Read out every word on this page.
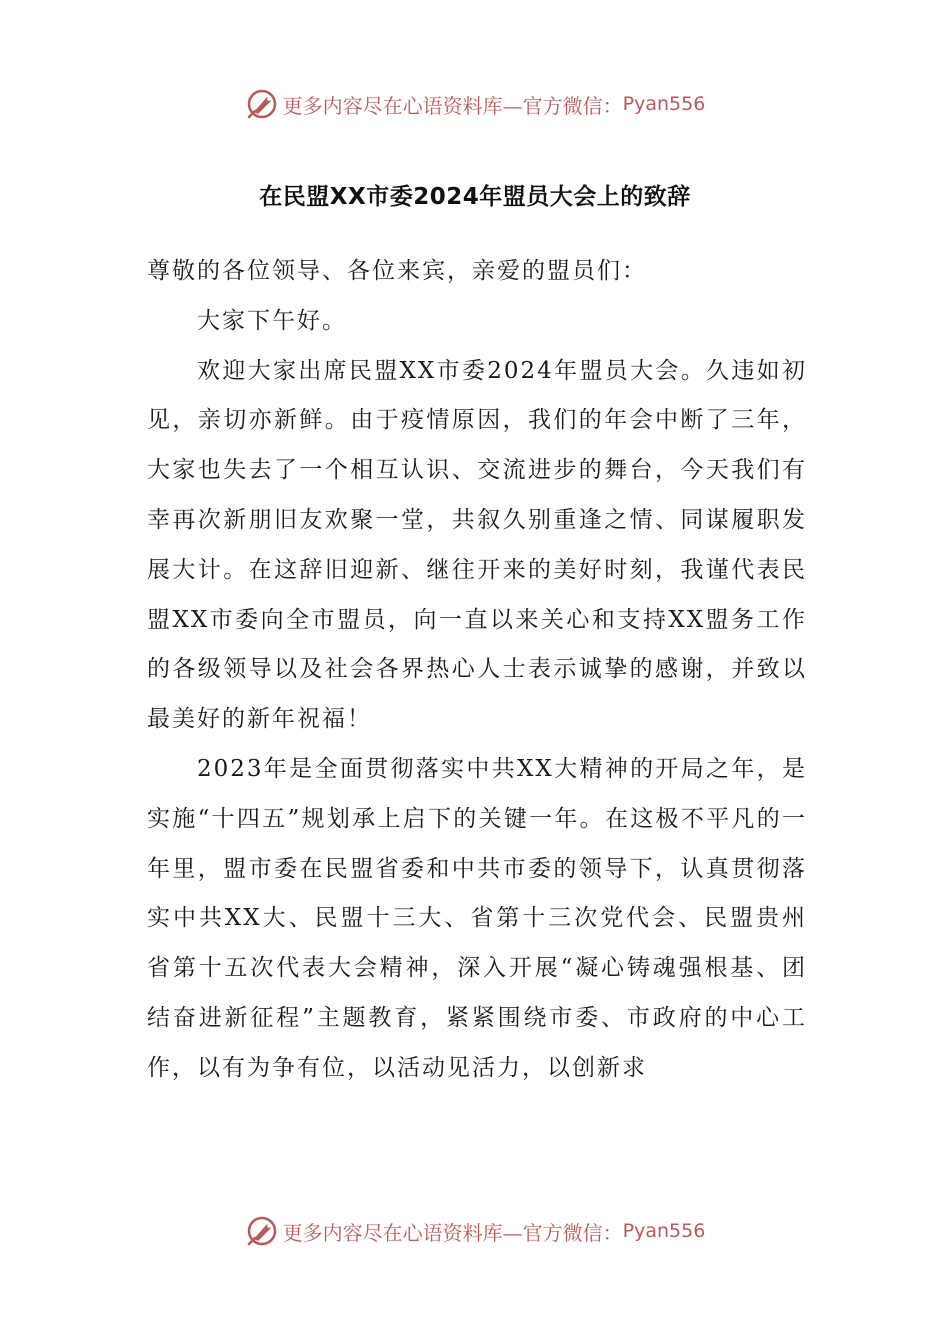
更多内容尽在心语资料库—官方微信： Pyan556
在民盟XX市委2024年盟员大会上的致辞

尊敬的各位领导、各位来宾，亲爱的盟员们：

大家下午好。

欢迎大家出席民盟XX市委2024年盟员大会。久违如初见，亲切亦新鲜。由于疫情原因，我们的年会中断了三年，大家也失去了一个相互认识、交流进步的舞台，今天我们有幸再次新朋旧友欢聚一堂，共叙久别重逢之情、同谋履职发展大计。在这辞旧迎新、继往开来的美好时刻，我谨代表民盟XX市委向全市盟员，向一直以来关心和支持XX盟务工作的各级领导以及社会各界热心人士表示诚挚的感谢，并致以最美好的新年祝福！

2023年是全面贯彻落实中共XX大精神的开局之年，是实施“十四五”规划承上启下的关键一年。在这极不平凡的一年里，盟市委在民盟省委和中共市委的领导下，认真贯彻落实中共XX大、民盟十三大、省第十三次党代会、民盟贵州省第十五次代表大会精神，深入开展“凝心铸魂强根基、团结奋进新征程”主题教育，紧紧围绕市委、市政府的中心工作，以有为争有位，以活动见活力，以创新求

更多内容尽在心语资料库—官方微信： Pyan556
